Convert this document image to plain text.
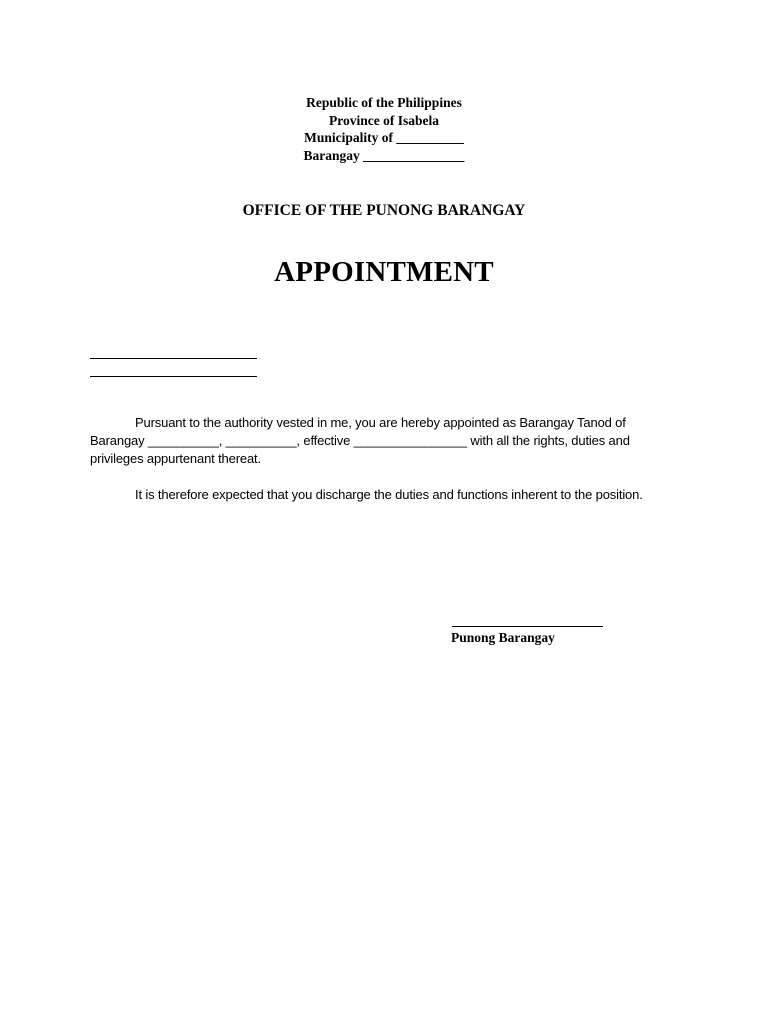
Republic of the Philippines
Province of Isabela
Municipality of __________
Barangay _______________
OFFICE OF THE PUNONG BARANGAY
APPOINTMENT
Pursuant to the authority vested in me, you are hereby appointed as Barangay Tanod of Barangay __________, __________, effective ________________ with all the rights, duties and privileges appurtenant thereat.
It is therefore expected that you discharge the duties and functions inherent to the position.
Punong Barangay
